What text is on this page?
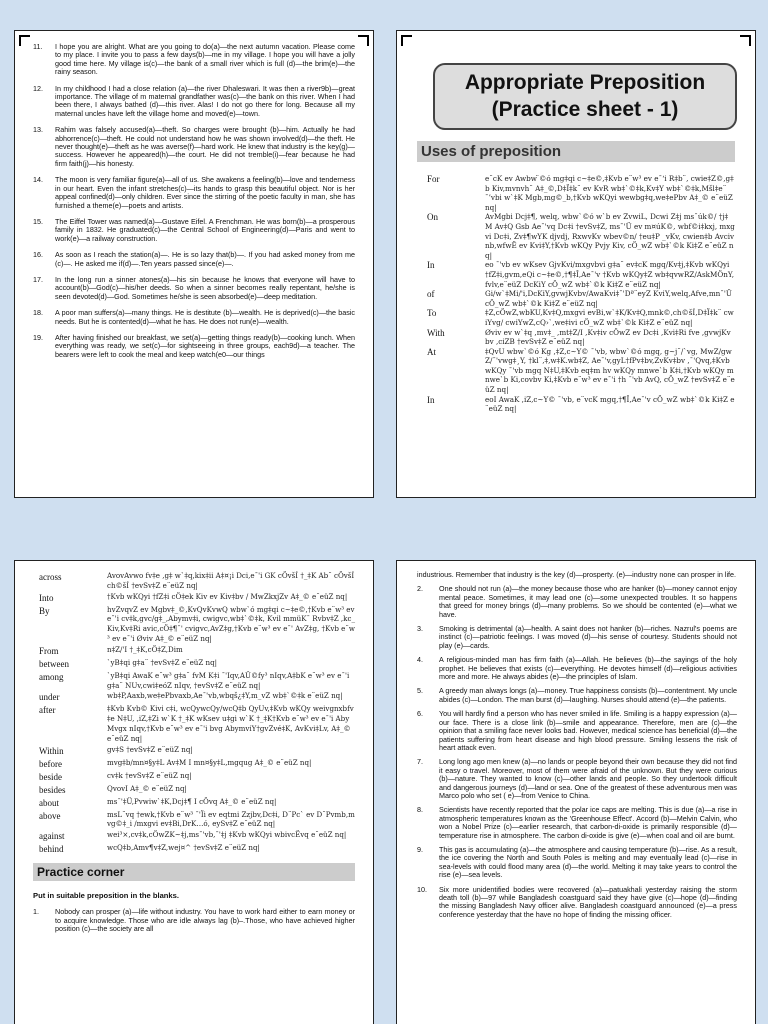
11.	I hope you are alright. What are you going to do(a)—the next autumn vacation. Please come to my place. I invite you to pass a few days(b)—me in my village. I hope you will have a jolly good time here. My village is(c)—the bank of a small river which is full (d)—the brim(e)—the rainy season.
12.	In my childhood I had a close relation (a)—the river Dhaleswari. It was then a river9b)—great importance. The village of m maternal grandfather was(c)—the bank on this river. When I had been there, I always bathed (d)—this river. Alas! I do not go there for long. Because all my maternal uncles have left the village home and moved(e)—town.
13.	Rahim was falsely accused(a)—theft. So charges were brought (b)—him. Actually he had abhorrence(c)—theft. He could not understand how he was shown involved(d)—the theft. He never thought(e)—theft as he was averse(f)—hard work. He knew that industry is the key(g)—success. However he appeared(h)—the court. He did not tremble(i)—fear because he had firm faith(j)—his honesty.
14.	The moon is very familiar figure(a)—all of us. She awakens a feeling(b)—love and tenderness in our heart. Even the infant stretches(c)—its hands to grasp this beautiful object. Nor is her appeal confined(d)—only children. Ever since the stirring of the poetic faculty in man, she has furnished a theme(e)—poets and artists.
15.	The Eiffel Tower was named(a)—Gustave Eifel. A Frenchman. He was born(b)—a prosperous family in 1832. He graduated(c)—the Central School of Engineering(d)—Paris and went to work(e)—a railway construction.
16.	As soon as I reach the station(a)—. He is so lazy that(b)—. If you had asked money from me (c)—. He asked me if(d)—.Ten years passed since(e)—.
17.	In the long run a sinner atones(a)—his sin because he knows that everyone will have to account(b)—God(c)—his/her deeds. So when a sinner becomes really repentant, he/she is seen devoted(d)—God. Sometimes he/she is seen absorbed(e)—deep meditation.
18.	A poor man suffers(a)—many things. He is destitute (b)—wealth. He is deprived(c)—the basic needs. But he is contented(d)—what he has. He does not run(e)—wealth.
19.	After having finished our breakfast, we set(a)—getting things ready(b)—cooking lunch. When everything was ready, we set(c)—for sightseeing in three groups, each9d)—a teacher. The bearers were left to cook the meal and keep watch(e0—our things
Appropriate Preposition
(Practice sheet - 1)
Uses of preposition
For	e¨cK ev Awbw ̈©ó mg‡qi c~‡e©,‡Kvb e¨w³ ev e¯‘i R‡b¨, cwie‡Z©,g‡b Kiv,mvnvh¨ A‡_©,D‡Ï‡k¨ ev KvR wb‡`©‡k,Kv‡Y wb‡`©‡k,Mšl‡e¨ ¯’vbi w`‡K Mgb,mg©_b,†Kvb wKQyi wewbg‡q,we‡ePbv A‡_© e¨eüZ nq|
On	AvMgbi Dcj‡¶, welq, wbw`©ó w`b ev ZvwiL, Dcwi Z‡j ms¯úk©/ †j‡M Av‡Q Gsb Ae¯'vq Dc‡i †evSv‡Z, ms¯'Ü ev m¤úK©, wbf©i‡kxj, mxgvi Dc‡i, Zv‡¶wYK djvdj, RxwvKv wbev©n/ †eu‡P _vKv, cwien‡b Avcivnb,wfwË ev Kvi‡Y,†Kvb wKQy Pvjy Kiv, cÖ_wZ wb‡`©k Ki‡Z e¨eüZ nq|
In	eo ¯'vb ev wKsev GjvKvi/mxgvbvi g‡a¨ ev‡cK mgq/Kv‡j,‡Kvb wKQyi †fZ‡i,gvm,eQi c~‡e©,†¶‡Î,Ae¯'v †Kvb wKQy‡Z wb‡qvwRZ/AskMÖnY,fvlv,e¨eüZ DcKiY cÖ_wZ wb‡`©k Ki‡Z e¨eüZ nq|
of	Gi/w`‡Mi/'i,DcKiY,gvwjKvbv/AwaKvi‡¯'Dª¨eyZ KviY,welq,Afve,mn¯'Ü cÖ_wZ wb‡`©k Ki‡Z e¨eüZ nq|
To	‡Z,cÖwZ,wbKU,Kv‡Q,mxgvi evBi,w`‡K/Kv‡Q,mnk©,ch©šÍ,D‡Ï‡k¨ cwiYvg/ cwiYwZ,cQ›`,we‡ivi cÖ_wZ wb‡`©k Ki‡Z e¨eüZ nq|
With	Øviv ev w`‡q ,mv‡_ ,mt‡Z/I ,Kv‡iv cÖwZ ev Dc‡i ,Kvi‡Ri fve ,gvwjKvbv ,ciZB †evSv‡Z e¨eüZ nq|
At	‡QvU wbw`©ó Kg ,‡Z,c~Y© ¯'vb, wbw`©ó mgq, g~j¨/`vg, MwZ/gwZ/¯'vwg‡¸Y, †kl¨,‡,w‡K.wb‡Z, Ae¯'v,gyL†fPv‡bv,ZvKv‡bv ,¯'Qvq,‡Kvb wKQy ¯'vb mgq N‡U,‡Kvb eq‡m hv wKQy mnwe`b K‡i,†Kvb wKQy mnwe`b Ki,covbv Ki,‡Kvb e¨w³ ev e¯'i †h ¯'vb AvQ, cÖ_wZ †evSv‡Z e¨eüZ nq|
In	eoI AwaK ,iZ,c~Y© ¯'vb, e¨vcK mgq,†¶Î,Ae¯'v cÖ_wZ wb‡`©k Ki‡Z e¨eüZ nq|
across	AvovAvwo fv‡e ,g‡ w`‡q,kix‡ii A‡¤¡i Dci,e¯'i GK cÖvšÍ †_‡K Ab¨ cÖvšÍ ch©šÍ †evSv‡Z e¨eüZ nq|
Into	†Kvb wKQyi †fZ‡i cÖ‡ek Kiv ev Kiv‡bv / MwZkxjZv A‡_© e¨eüZ nq|
By	hvZvqvZ ev Mgbv‡_©,KvQvKvwQ wbw`ó mg‡qi c~‡e©,†Kvb e¨w³ ev e¯'i cv‡k,gvc/g‡_,Abymv‡i, cwigvc,wb‡`©‡k, Kvil mmüK¯ Rvbv‡Z ,kc_ Kiv,Kv‡Ri avic,cÖ‡¶¯' cvigvc,AvZ‡g,†Kvb e¨w³ ev e¯' AvZ‡g, †Kvb e¨w³ ev e¯'i Øviv A‡_© e¨eüZ nq|
From	n‡Z/'I †_‡K,cÖ‡Z,Dim
between	`yB‡qi g‡a¨ †evSv‡Z e¨eüZ nq|
among	`yB‡qi AwaK e¨w³ g‡a¨ fvM K‡i ¯'Iqv,AÛ©fy³ nIqv,A‡bK e¨w³ ev e¯'i g‡a¨ NUv,cwi‡eóZ nIqv, †evSv‡Z e¨eüZ nq|
under	wb‡P,Aaxb,we‡ePbvaxb,Ae¯'vb,wbqš¿‡Y,m_vZ wb‡`©‡k e¨eüZ nq|
after	‡Kvb Kvb© Kivi c‡i, wcQywcQy/wcQ‡b QyUv,‡Kvb wKQy weivgnxbfv‡e N‡U, ,iZ,‡Zi w`K †_‡K wKsev u‡gi w`K †_‡K†Kvb e¨w³ ev e¯'i AbyMvgx nIqv,†Kvb e¨w³ ev e¯'i bvg AbymviY†gvZvé‡K, AvKvi‡Lv, A‡_© e¨eüZ nq|
Within	gv‡S †evSv‡Z e¨eüZ nq|
before	mvg‡b/mn¤§y‡L Av‡M I mn¤§y‡L,mgqug A‡_© e¨eüZ nq|
beside	cv‡k †evSv‡Z e¨eüZ nq|
besides	QvovI A‡_© e¨eüZ nq|
about	ms¯'‡Ü,Pvwiw`‡K,Dcj‡¶ I cÖvq A‡_© e¨eüZ nq|
above	msL¨vq †ewk,†Kvb e¨w³ ¯'Ïi ev eqtmi Zzjbv,Dc‡i, D¨Pc` ev D¨Pvmb,mvg©‡_i /mxgvi ev‡Bi,DrK…ó, eySv‡Z e¨eüZ nq|
against	wei³×,cv‡k,cÖwZK~‡j,ms¯'vb,¯'‡j ‡Kvb wKQyi wbivcËvq e¨eüZ nq|
behind	wcQ‡b,Amv¶v‡Z,wej¤^ †evSv‡Z e¨eüZ nq|
Practice corner
Put in suitable preposition in the blanks.
1.	Nobody can prosper (a)—life without industry. You have to work hard either to earn money or to acquire knowledge. Those who are idle always lag (b)–.Those, who have achieved higher position (c)—the society are all
industrious. Remember that industry is the key (d)—prosperty. (e)—industry none can prosper in life.
2.	One should not run (a)—the money because those who are hanker (b)—money cannot enjoy mental peace. Sometimes, it may lead one (c)—some unexpected troubles. It so happens that greed for money brings (d)—many problems. So we should be contented (e)—what we have.
3.	Smoking is detrimental (a)—health. A saint does not hanker (b)—riches. Nazrul's poems are instinct (c)—patriotic feelings. I was moved (d)—his sense of courtesy. Students should not play (e)—cards.
4.	A religious-minded man has firm faith (a)—Allah. He believes (b)—the sayings of the holy prophet. He believes that exists (c)—everything. He devotes himself (d)—religious activities more and more. He always abides (e)—the principles of Islam.
5.	A greedy man always longs (a)—money. True happiness consists (b)—contentment. My uncle abides (c)—London. The man burst (d)—laughing. Nurses should attend (e)—the patients.
6.	You will hardly find a person who has never smiled in life. Smiling is a happy expression (a)—our face. There is a close link (b)—smile and appearance. Therefore, men are (c)—the opinion that a smiling face never looks bad. However, medical science has beneficial (d)—the patients suffering from heart disease and high blood pressure. Smiling lessens the risk of heart attack even.
7.	Long long ago men knew (a)—no lands or people beyond their own because they did not find it easy o travel. Moreover, most of them were afraid of the unknown. But they were curious (b)—nature. They wanted to know (c)—other lands and people. So they undertook difficult and dangerous journeys (d)—land or sea. One of the greatest of these adventurous men was Marco polo who set ( e)—from Venice to China.
8.	Scientists have recently reported that the polar ice caps are melting. This is due (a)—a rise in atmospheric temperatures known as the 'Greenhouse Effect'. Accord (b)—Melvin Calvin, who won a Nobel Prize (c)—earlier research, that carbon-di-oxide is primarily responsible (d)—temperature rise in atmosphere. The carbon di-oxide is give (e)—when coal and oil are burnt.
9.	This gas is accumulating (a)—the atmosphere and causing temperature (b)—rise. As a result, the ice covering the North and South Poles is melting and may eventually lead (c)—rise in sea-levels with could flood many area (d)—the world. Melting it may take years to control the rise (e)—sea levels.
10.	Six more unidentified bodies were recovered (a)—patuakhali yesterday raising the storm death toll (b)—97 while Bangladesh coastguard said they have give (c)—hope (d)—finding the missing Bangladesh Navy officer alive. Bangladesh coastguard announced (e)—a press conference yesterday that the have no hope of finding the missing officer.
